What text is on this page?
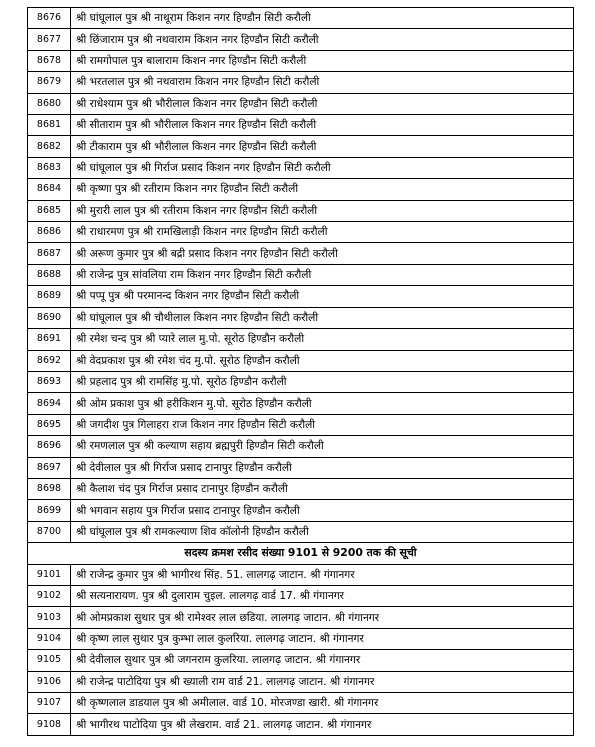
8676	श्री घांघूलाल पुत्र श्री नाथूराम किशन नगर हिण्डौन सिटी करौली
8677	श्री छिंजाराम पुत्र श्री नथवाराम किशन नगर हिण्डौन सिटी करौली
8678	श्री रामगोपाल पुत्र बालाराम किशन नगर हिण्डौन सिटी करौली
8679	श्री भरतलाल पुत्र श्री नथवाराम किशन नगर हिण्डौन सिटी करौली
8680	श्री राधेश्याम पुत्र श्री भौरीलाल किशन नगर हिण्डौन सिटी करौली
8681	श्री सीताराम पुत्र श्री भौरीलाल किशन नगर हिण्डौन सिटी करौली
8682	श्री टीकाराम पुत्र श्री भौरीलाल किशन नगर हिण्डौन सिटी करौली
8683	श्री घांघूलाल पुत्र श्री गिर्राज प्रसाद किशन नगर हिण्डौन सिटी करौली
8684	श्री कृष्णा पुत्र श्री रतीराम किशन नगर हिण्डौन सिटी करौली
8685	श्री मुरारी लाल पुत्र श्री रतीराम किशन नगर हिण्डौन सिटी करौली
8686	श्री राधारमण पुत्र श्री रामखिलाड़ी किशन नगर हिण्डौन सिटी करौली
8687	श्री अरूण कुमार पुत्र श्री बद्री प्रसाद किशन नगर हिण्डौन सिटी करौली
8688	श्री राजेन्द्र पुत्र सांवलिया राम किशन नगर हिण्डौन सिटी करौली
8689	श्री पप्पू पुत्र श्री परमानन्द किशन नगर हिण्डौन सिटी करौली
8690	श्री घांघूलाल पुत्र श्री चौथीलाल किशन नगर हिण्डौन सिटी करौली
8691	श्री रमेश चन्द पुत्र श्री प्यारे लाल मु.पो. सूरोठ हिण्डौन करौली
8692	श्री वेदप्रकाश पुत्र श्री रमेश चंद मु.पो. सूरोठ हिण्डौन करौली
8693	श्री प्रहलाद पुत्र श्री रामसिंह मु.पो. सूरोठ हिण्डौन करौली
8694	श्री ओम प्रकाश पुत्र श्री हरीकिशन मु.पो. सूरोठ हिण्डौन करौली
8695	श्री जगदीश पुत्र गिलाहरा राज किशन नगर हिण्डौन सिटी करौली
8696	श्री रमणलाल पुत्र श्री कल्याण सहाय ब्रह्मपुरी हिण्डौन सिटी करौली
8697	श्री देवीलाल पुत्र श्री गिर्राज प्रसाद टानापुर हिण्डौन करौली
8698	श्री कैलाश चंद पुत्र गिर्राज प्रसाद टानापुर हिण्डौन करौली
8699	श्री भगवान सहाय पुत्र गिर्राज प्रसाद टानापुर हिण्डौन करौली
8700	श्री घांघूलाल पुत्र श्री रामकल्याण शिव कॉलोनी हिण्डौन करौली
सदस्य क्रमश रसीद संख्या 9101 से 9200 तक की सूची	
9101	श्री राजेन्द्र कुमार पुत्र श्री भागीरथ सिंह. 51. लालगढ़ जाटान. श्री गंगानगर
9102	श्री सत्यनारायण. पुत्र श्री दुलाराम चुइल. लालगढ़ वार्ड 17. श्री गंगानगर
9103	श्री ओमप्रकाश सुथार पुत्र श्री रामेश्वर लाल छडिया. लालगढ़ जाटान. श्री गंगानगर
9104	श्री कृष्ण लाल सुथार पुत्र कुम्भा लाल कुलरिया. लालगढ़ जाटान. श्री गंगानगर
9105	श्री देवीलाल सुथार पुत्र श्री जगनराम कुलरिया. लालगढ़ जाटान. श्री गंगानगर
9106	श्री राजेन्द्र पाटोदिया पुत्र श्री ख्याली राम वार्ड 21. लालगढ़ जाटान. श्री गंगानगर
9107	श्री कृष्णलाल डाडयाल पुत्र श्री अमीलाल. वार्ड 10. मोरजण्डा खारी. श्री गंगानगर
9108	श्री भागीरथ पाटोदिया पुत्र श्री लेखराम. वार्ड 21. लालगढ़ जाटान. श्री गंगानगर
